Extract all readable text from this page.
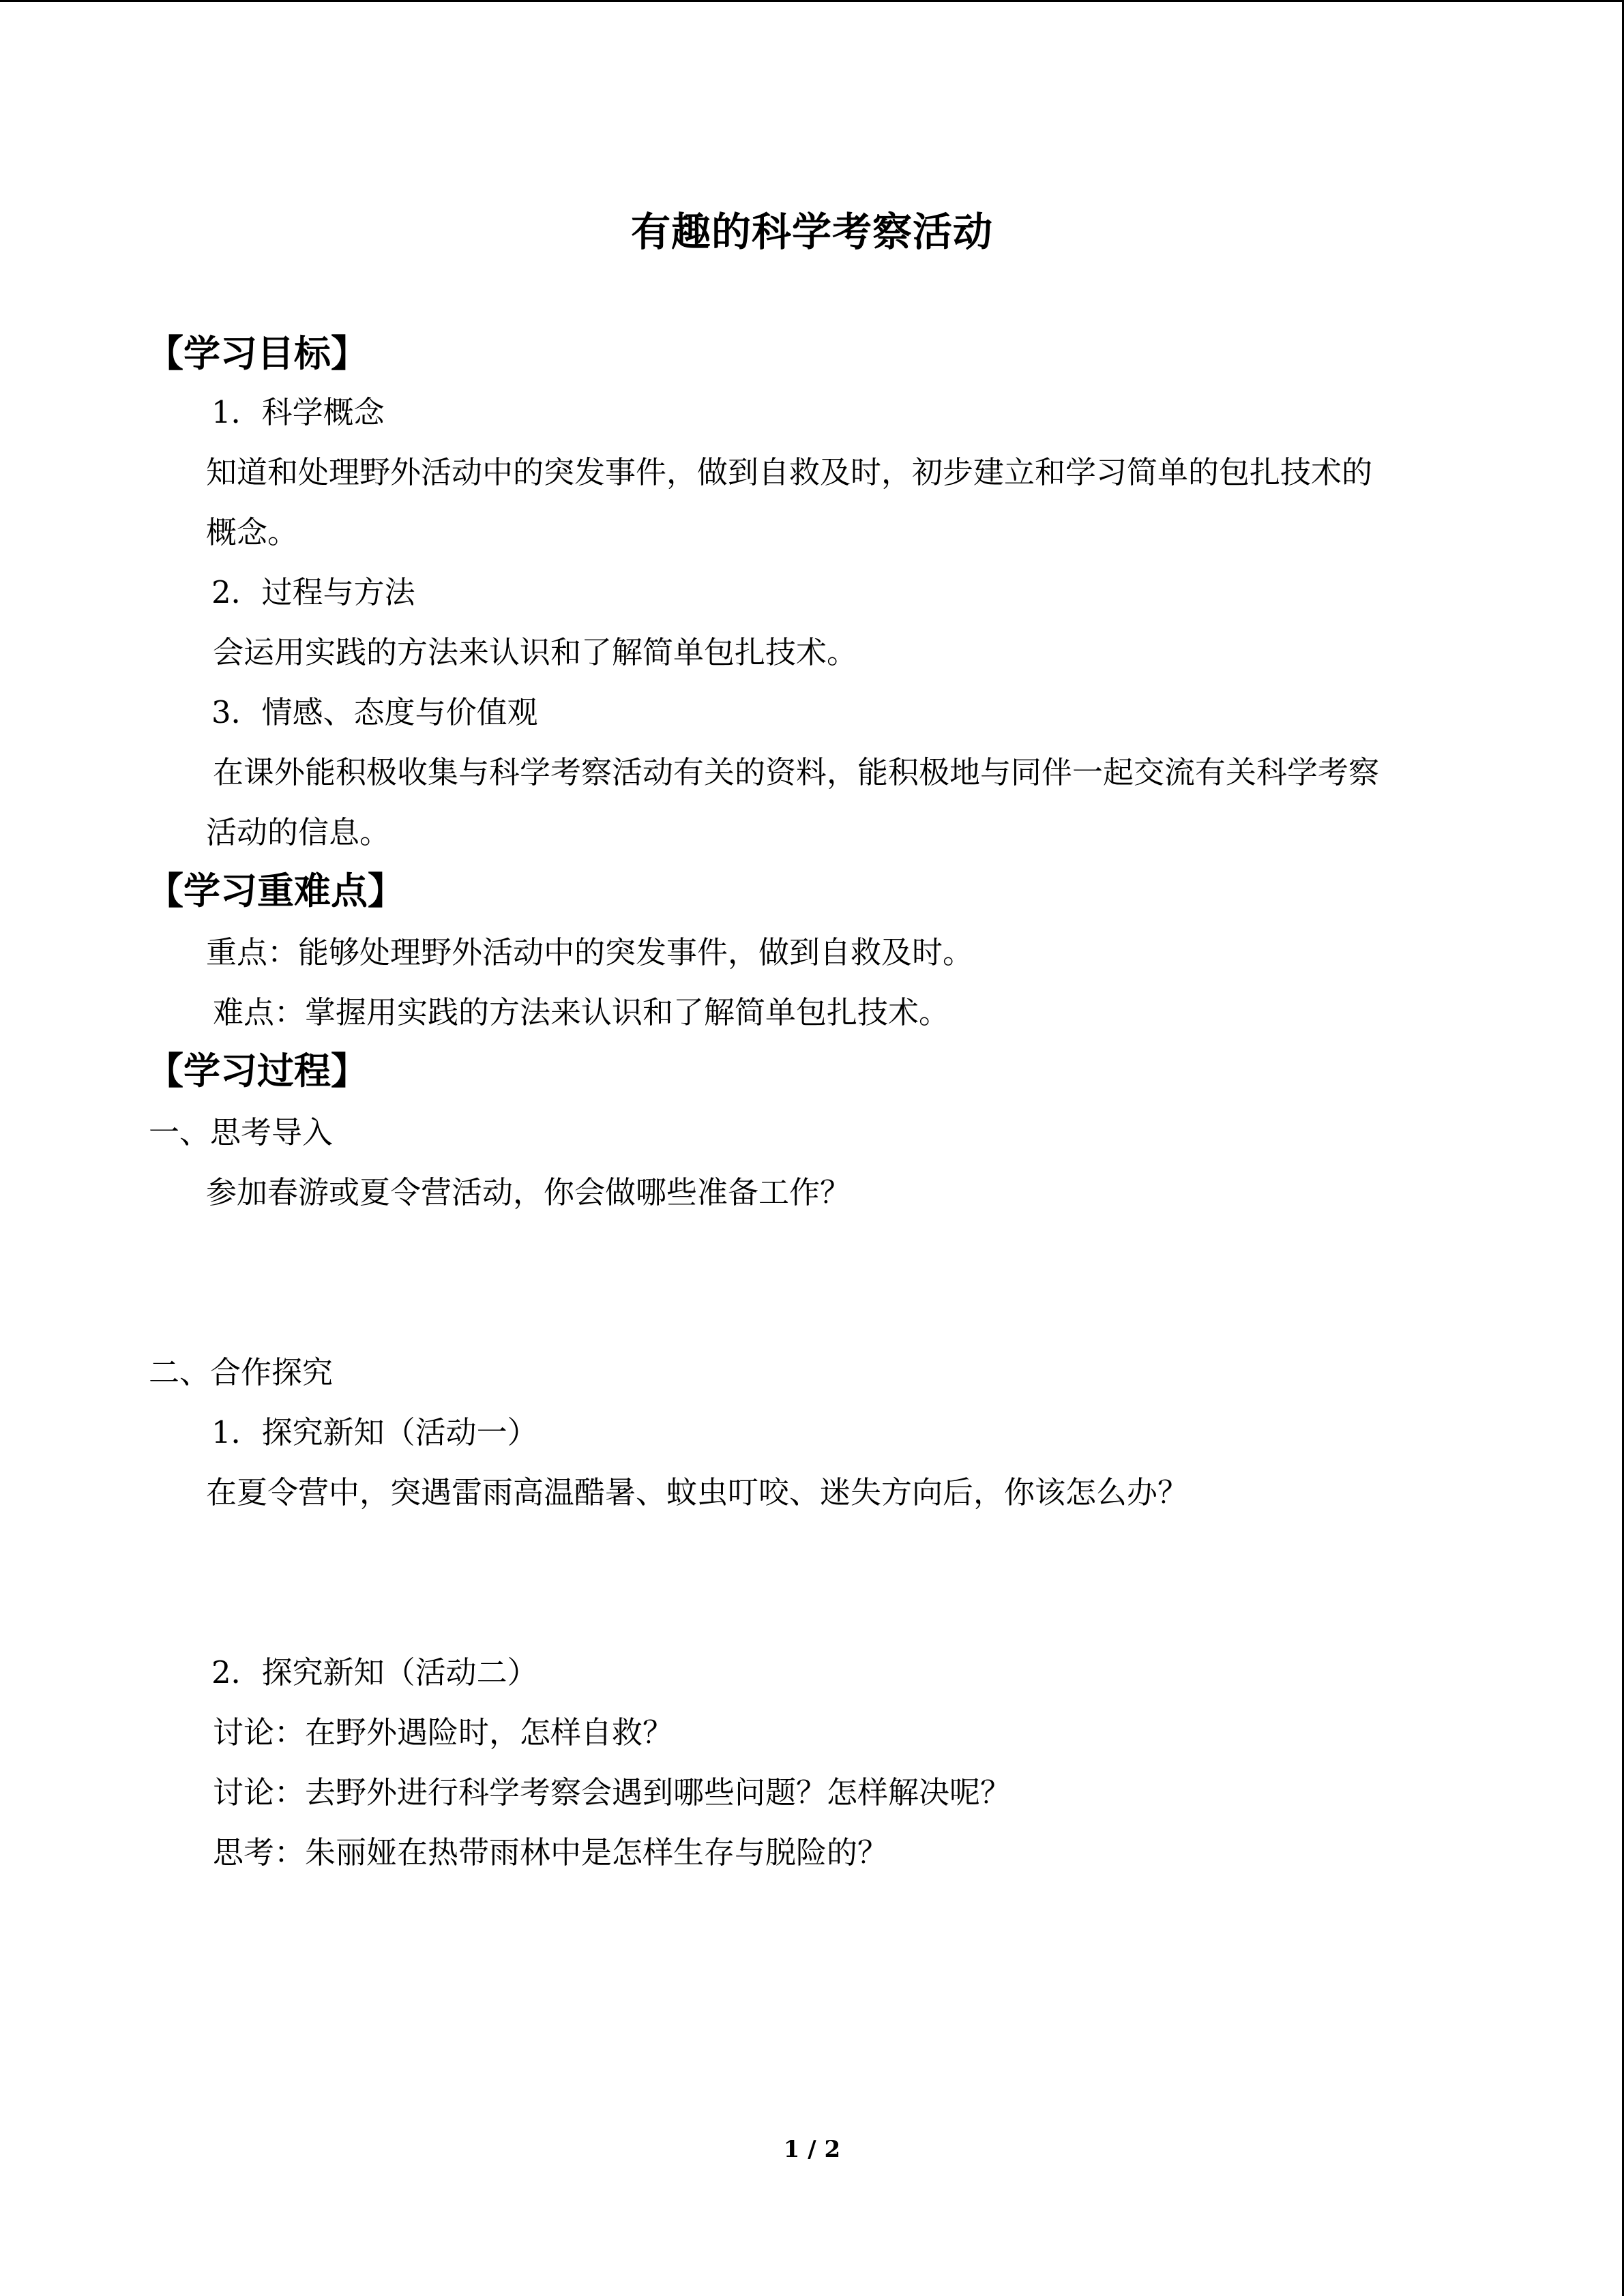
有趣的科学考察活动
【学习目标】
1．科学概念
知道和处理野外活动中的突发事件，做到自救及时，初步建立和学习简单的包扎技术的
概念。
2．过程与方法
会运用实践的方法来认识和了解简单包扎技术。
3．情感、态度与价值观
在课外能积极收集与科学考察活动有关的资料，能积极地与同伴一起交流有关科学考察
活动的信息。
【学习重难点】
重点：能够处理野外活动中的突发事件，做到自救及时。
难点：掌握用实践的方法来认识和了解简单包扎技术。
【学习过程】
一、思考导入
参加春游或夏令营活动，你会做哪些准备工作？
二、合作探究
1．探究新知（活动一）
在夏令营中，突遇雷雨高温酷暑、蚊虫叮咬、迷失方向后，你该怎么办？
2．探究新知（活动二）
讨论：在野外遇险时，怎样自救？
讨论：去野外进行科学考察会遇到哪些问题？怎样解决呢？
思考：朱丽娅在热带雨林中是怎样生存与脱险的？
1 / 2
